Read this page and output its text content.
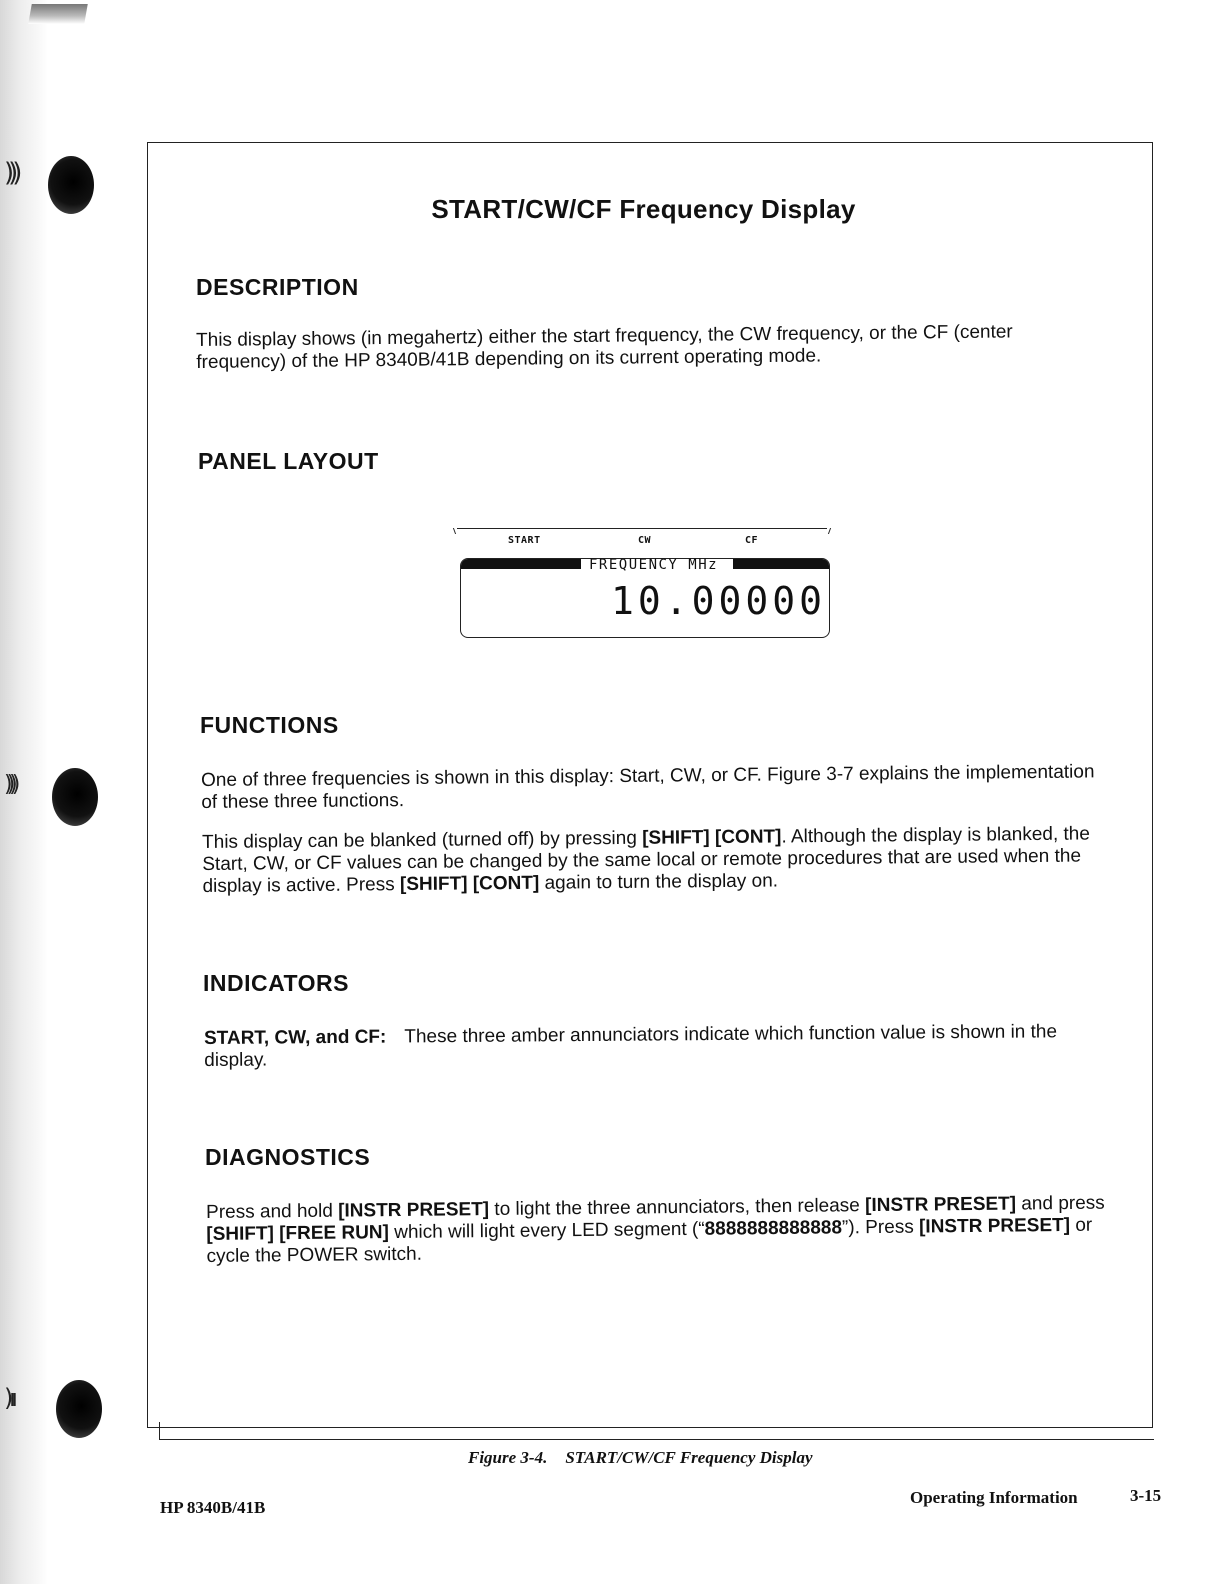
)))
))))
) ı ı
START/CW/CF Frequency Display
DESCRIPTION
This display shows (in megahertz) either the start frequency, the CW frequency, or the CF (center frequency) of the HP 8340B/41B depending on its current operating mode.
PANEL LAYOUT
START	CW	CF
FREQUENCY MHz
10.00000
FUNCTIONS
One of three frequencies is shown in this display: Start, CW, or CF. Figure 3-7 explains the implementation of these three functions.
This display can be blanked (turned off) by pressing [SHIFT] [CONT]. Although the display is blanked, the Start, CW, or CF values can be changed by the same local or remote procedures that are used when the display is active. Press [SHIFT] [CONT] again to turn the display on.
INDICATORS
START, CW, and CF: These three amber annunciators indicate which function value is shown in the display.
DIAGNOSTICS
Press and hold [INSTR PRESET] to light the three annunciators, then release [INSTR PRESET] and press [SHIFT] [FREE RUN] which will light every LED segment (“8888888888888”). Press [INSTR PRESET] or cycle the POWER switch.
Figure 3-4. START/CW/CF Frequency Display
HP 8340B/41B
Operating Information	3-15
